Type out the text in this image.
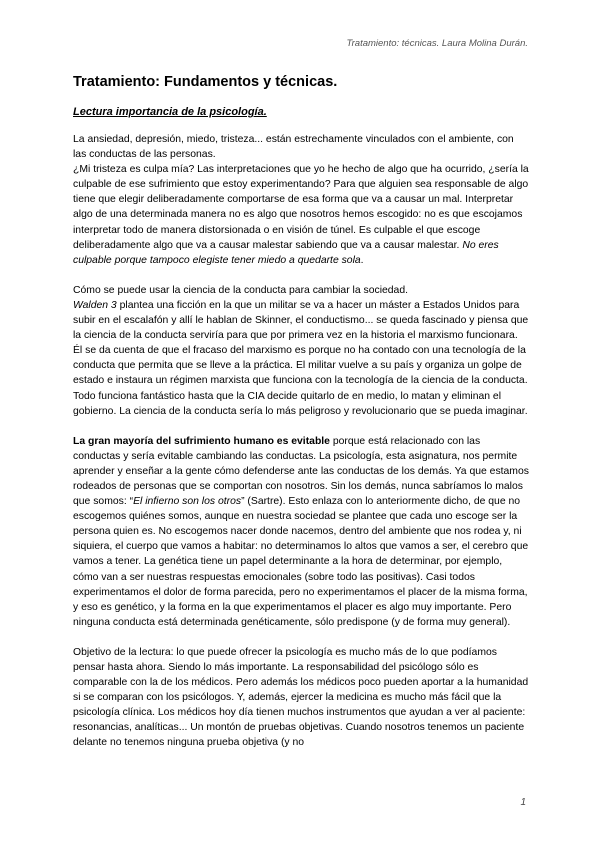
Tratamiento: técnicas. Laura Molina Durán.
Tratamiento: Fundamentos y técnicas.
Lectura importancia de la psicología.

La ansiedad, depresión, miedo, tristeza... están estrechamente vinculados con el ambiente, con las conductas de las personas.

¿Mi tristeza es culpa mía? Las interpretaciones que yo he hecho de algo que ha ocurrido, ¿sería la culpable de ese sufrimiento que estoy experimentando? Para que alguien sea responsable de algo tiene que elegir deliberadamente comportarse de esa forma que va a causar un mal. Interpretar algo de una determinada manera no es algo que nosotros hemos escogido: no es que escojamos interpretar todo de manera distorsionada o en visión de túnel. Es culpable el que escoge deliberadamente algo que va a causar malestar sabiendo que va a causar malestar. No eres culpable porque tampoco elegiste tener miedo a quedarte sola.

Cómo se puede usar la ciencia de la conducta para cambiar la sociedad.

Walden 3 plantea una ficción en la que un militar se va a hacer un máster a Estados Unidos para subir en el escalafón y allí le hablan de Skinner, el conductismo... se queda fascinado y piensa que la ciencia de la conducta serviría para que por primera vez en la historia el marxismo funcionara. Él se da cuenta de que el fracaso del marxismo es porque no ha contado con una tecnología de la conducta que permita que se lleve a la práctica. El militar vuelve a su país y organiza un golpe de estado e instaura un régimen marxista que funciona con la tecnología de la ciencia de la conducta. Todo funciona fantástico hasta que la CIA decide quitarlo de en medio, lo matan y eliminan el gobierno. La ciencia de la conducta sería lo más peligroso y revolucionario que se pueda imaginar.

La gran mayoría del sufrimiento humano es evitable porque está relacionado con las conductas y sería evitable cambiando las conductas. La psicología, esta asignatura, nos permite aprender y enseñar a la gente cómo defenderse ante las conductas de los demás. Ya que estamos rodeados de personas que se comportan con nosotros. Sin los demás, nunca sabríamos lo malos que somos: “El infierno son los otros” (Sartre). Esto enlaza con lo anteriormente dicho, de que no escogemos quiénes somos, aunque en nuestra sociedad se plantee que cada uno escoge ser la persona quien es. No escogemos nacer donde nacemos, dentro del ambiente que nos rodea y, ni siquiera, el cuerpo que vamos a habitar: no determinamos lo altos que vamos a ser, el cerebro que vamos a tener. La genética tiene un papel determinante a la hora de determinar, por ejemplo, cómo van a ser nuestras respuestas emocionales (sobre todo las positivas). Casi todos experimentamos el dolor de forma parecida, pero no experimentamos el placer de la misma forma, y eso es genético, y la forma en la que experimentamos el placer es algo muy importante. Pero ninguna conducta está determinada genéticamente, sólo predispone (y de forma muy general).

Objetivo de la lectura: lo que puede ofrecer la psicología es mucho más de lo que podíamos pensar hasta ahora. Siendo lo más importante. La responsabilidad del psicólogo sólo es comparable con la de los médicos. Pero además los médicos poco pueden aportar a la humanidad si se comparan con los psicólogos. Y, además, ejercer la medicina es mucho más fácil que la psicología clínica. Los médicos hoy día tienen muchos instrumentos que ayudan a ver al paciente: resonancias, analíticas... Un montón de pruebas objetivas. Cuando nosotros tenemos un paciente delante no tenemos ninguna prueba objetiva (y no

1
